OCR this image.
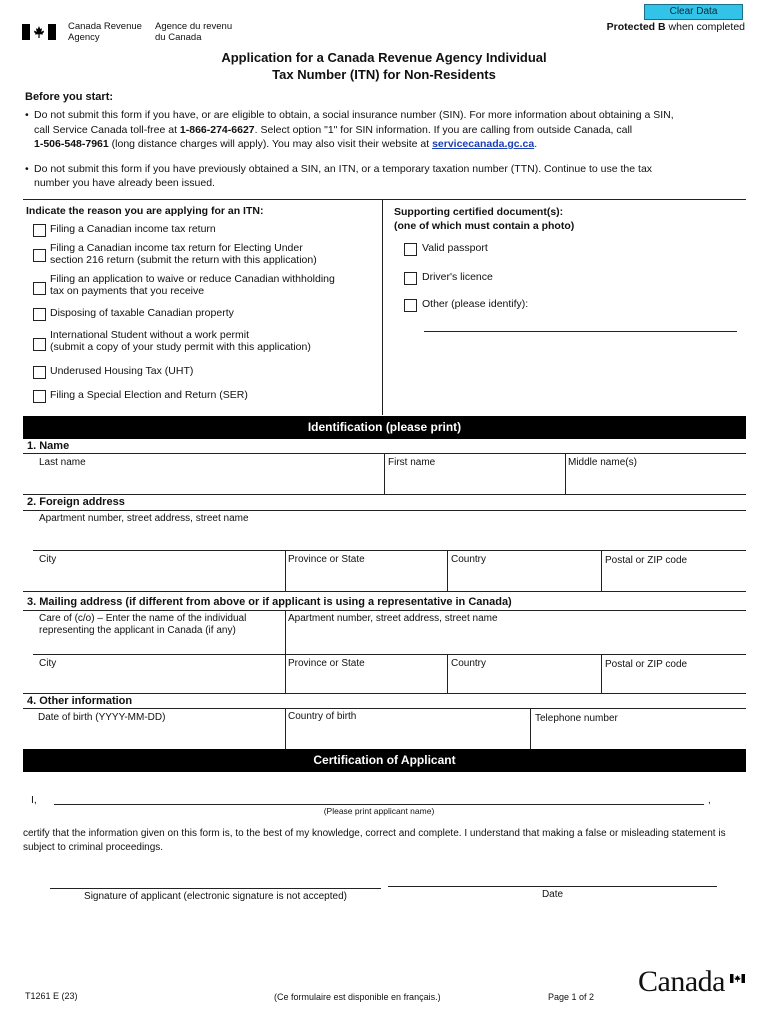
Canada Revenue
Agency
Agence du revenu
du Canada
Clear Data
Protected B when completed
Application for a Canada Revenue Agency Individual
Tax Number (ITN) for Non-Residents
Before you start:
• Do not submit this form if you have, or are eligible to obtain, a social insurance number (SIN). For more information about obtaining a SIN,
call Service Canada toll-free at 1-866-274-6627. Select option "1" for SIN information. If you are calling from outside Canada, call
1-506-548-7961 (long distance charges will apply). You may also visit their website at servicecanada.gc.ca.
• Do not submit this form if you have previously obtained a SIN, an ITN, or a temporary taxation number (TTN). Continue to use the tax
number you have already been issued.
Indicate the reason you are applying for an ITN:
Filing a Canadian income tax return
Filing a Canadian income tax return for Electing Under
section 216 return (submit the return with this application)
Filing an application to waive or reduce Canadian withholding
tax on payments that you receive
Disposing of taxable Canadian property
International Student without a work permit
(submit a copy of your study permit with this application)
Underused Housing Tax (UHT)
Filing a Special Election and Return (SER)
Supporting certified document(s):
(one of which must contain a photo)
Valid passport
Driver's licence
Other (please identify):
Identification (please print)
1. Name
Last name	First name	Middle name(s)
2. Foreign address
Apartment number, street address, street name
City	Province or State	Country	Postal or ZIP code
3. Mailing address (if different from above or if applicant is using a representative in Canada)
Care of (c/o) – Enter the name of the individual
representing the applicant in Canada (if any)
Apartment number, street address, street name
City	Province or State	Country	Postal or ZIP code
4. Other information
Date of birth (YYYY-MM-DD)	Country of birth	Telephone number
Certification of Applicant
I,	,
(Please print applicant name)
certify that the information given on this form is, to the best of my knowledge, correct and complete. I understand that making a false or misleading statement is
subject to criminal proceedings.
Signature of applicant (electronic signature is not accepted)	Date
T1261 E (23)	(Ce formulaire est disponible en français.)	Page 1 of 2 Canada
